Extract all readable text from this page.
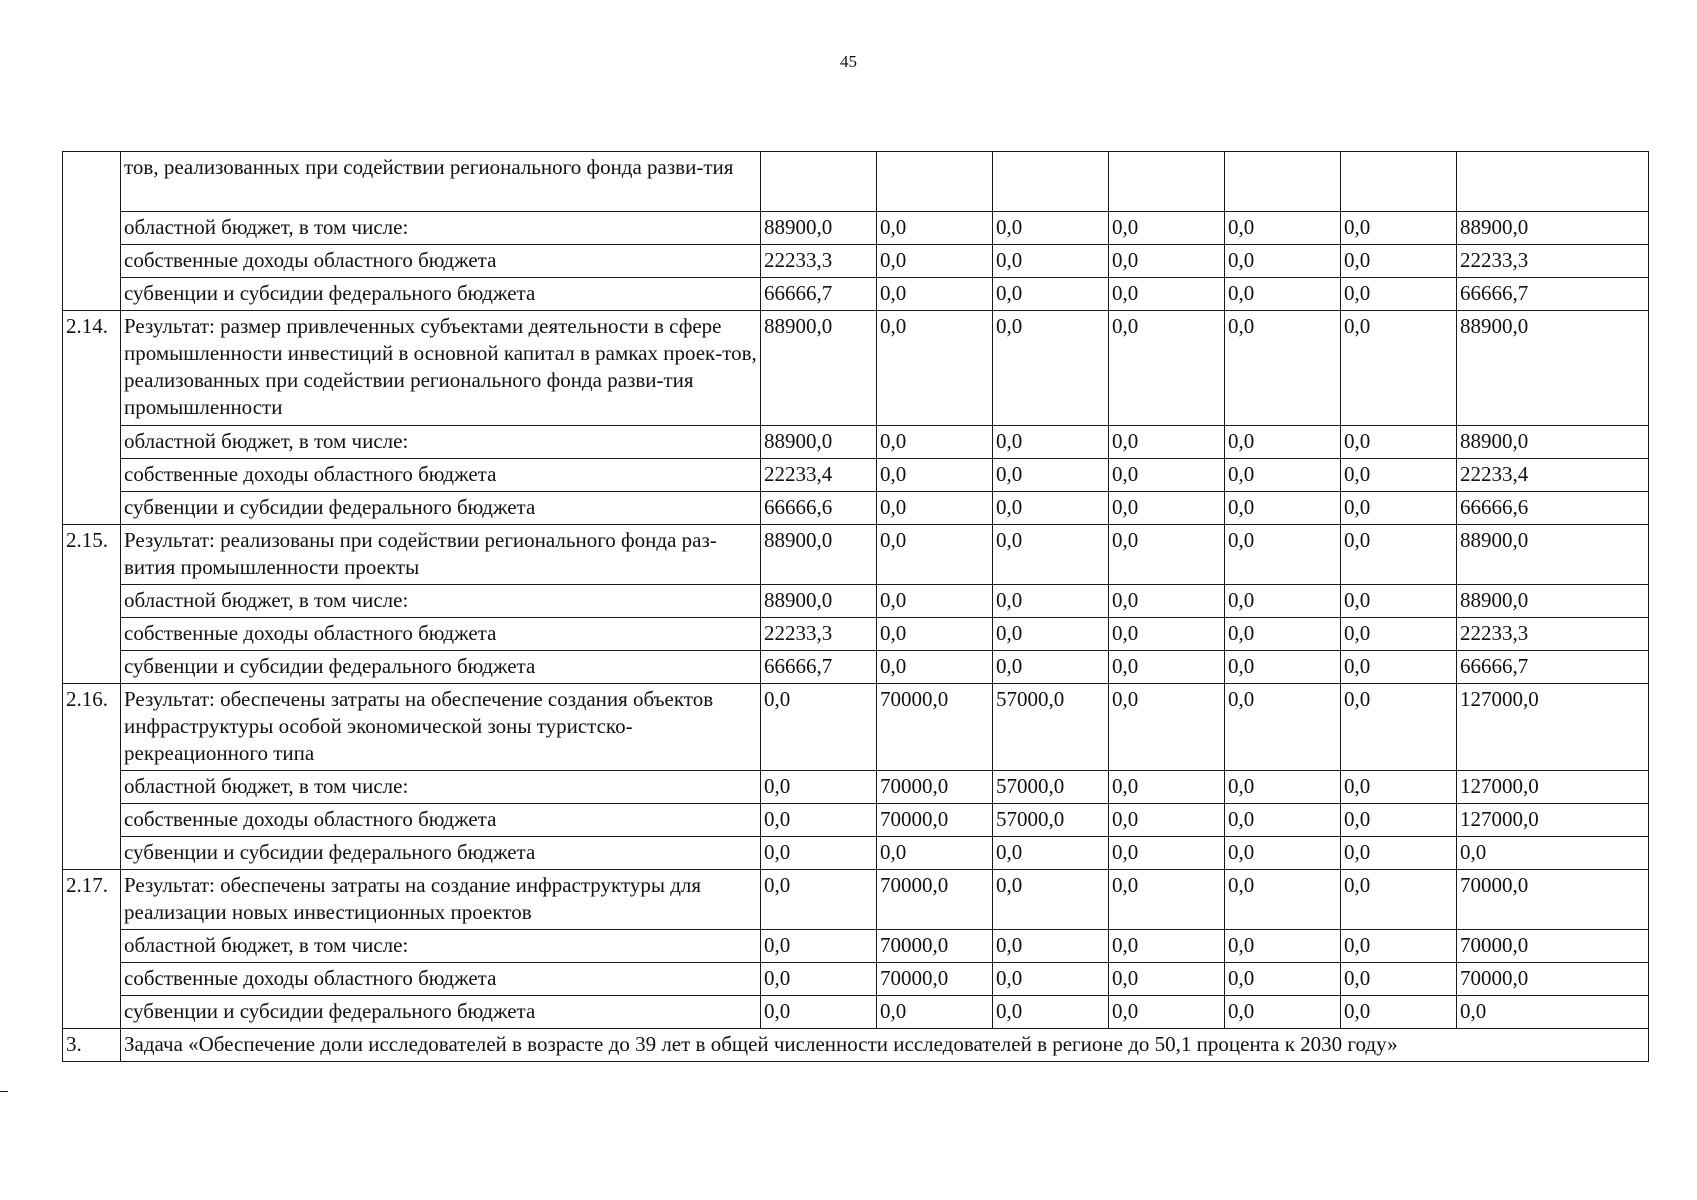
45
	тов, реализованных при содействии регионального фонда разви-тия							
	областной бюджет, в том числе:	88900,0	0,0	0,0	0,0	0,0	0,0	88900,0
	собственные доходы областного бюджета	22233,3	0,0	0,0	0,0	0,0	0,0	22233,3
	субвенции и субсидии федерального бюджета	66666,7	0,0	0,0	0,0	0,0	0,0	66666,7
2.14.	Результат: размер привлеченных субъектами деятельности в сфере промышленности инвестиций в основной капитал в рамках проек-тов, реализованных при содействии регионального фонда разви-тия промышленности	88900,0	0,0	0,0	0,0	0,0	0,0	88900,0
	областной бюджет, в том числе:	88900,0	0,0	0,0	0,0	0,0	0,0	88900,0
	собственные доходы областного бюджета	22233,4	0,0	0,0	0,0	0,0	0,0	22233,4
	субвенции и субсидии федерального бюджета	66666,6	0,0	0,0	0,0	0,0	0,0	66666,6
2.15.	Результат: реализованы при содействии регионального фонда раз-вития промышленности проекты	88900,0	0,0	0,0	0,0	0,0	0,0	88900,0
	областной бюджет, в том числе:	88900,0	0,0	0,0	0,0	0,0	0,0	88900,0
	собственные доходы областного бюджета	22233,3	0,0	0,0	0,0	0,0	0,0	22233,3
	субвенции и субсидии федерального бюджета	66666,7	0,0	0,0	0,0	0,0	0,0	66666,7
2.16.	Результат: обеспечены затраты на обеспечение создания объектов инфраструктуры особой экономической зоны туристско-рекреационного типа	0,0	70000,0	57000,0	0,0	0,0	0,0	127000,0
	областной бюджет, в том числе:	0,0	70000,0	57000,0	0,0	0,0	0,0	127000,0
	собственные доходы областного бюджета	0,0	70000,0	57000,0	0,0	0,0	0,0	127000,0
	субвенции и субсидии федерального бюджета	0,0	0,0	0,0	0,0	0,0	0,0	0,0
2.17.	Результат: обеспечены затраты на создание инфраструктуры для реализации новых инвестиционных проектов	0,0	70000,0	0,0	0,0	0,0	0,0	70000,0
	областной бюджет, в том числе:	0,0	70000,0	0,0	0,0	0,0	0,0	70000,0
	собственные доходы областного бюджета	0,0	70000,0	0,0	0,0	0,0	0,0	70000,0
	субвенции и субсидии федерального бюджета	0,0	0,0	0,0	0,0	0,0	0,0	0,0
3.	Задача «Обеспечение доли исследователей в возрасте до 39 лет в общей численности исследователей в регионе до 50,1 процента к 2030 году»							
